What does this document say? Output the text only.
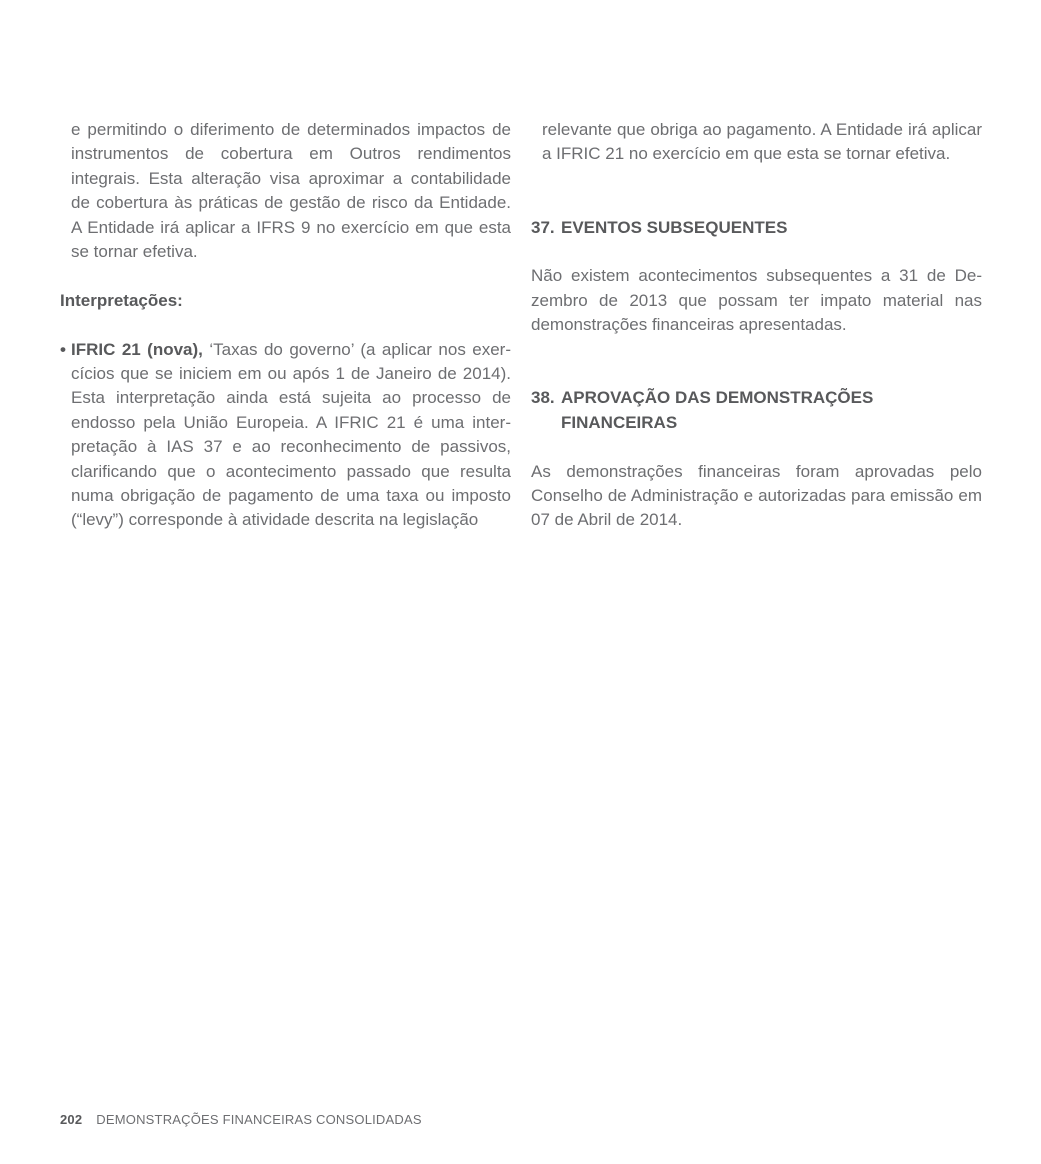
e permitindo o diferimento de determinados impactos de instrumentos de cobertura em Outros rendimentos integrais. Esta alteração visa aproximar a contabilidade de cobertura às práticas de gestão de risco da Entidade. A Entidade irá aplicar a IFRS 9 no exercício em que esta se tornar efetiva.

Interpretações:

• IFRIC 21 (nova), ‘Taxas do governo’ (a aplicar nos exercícios que se iniciem em ou após 1 de Janeiro de 2014). Esta interpretação ainda está sujeita ao processo de endosso pela União Europeia. A IFRIC 21 é uma interpretação à IAS 37 e ao reconhecimento de passivos, clarificando que o acontecimento passado que resulta numa obrigação de pagamento de uma taxa ou imposto (“levy”) corresponde à atividade descrita na legislação

relevante que obriga ao pagamento. A Entidade irá aplicar a IFRIC 21 no exercício em que esta se tornar efetiva.

37. EVENTOS SUBSEQUENTES

Não existem acontecimentos subsequentes a 31 de Dezembro de 2013 que possam ter impato material nas demonstrações financeiras apresentadas.

38. APROVAÇÃO DAS DEMONSTRAÇÕES FINANCEIRAS

As demonstrações financeiras foram aprovadas pelo Conselho de Administração e autorizadas para emissão em 07 de Abril de 2014.

202 DEMONSTRAÇÕES FINANCEIRAS CONSOLIDADAS
